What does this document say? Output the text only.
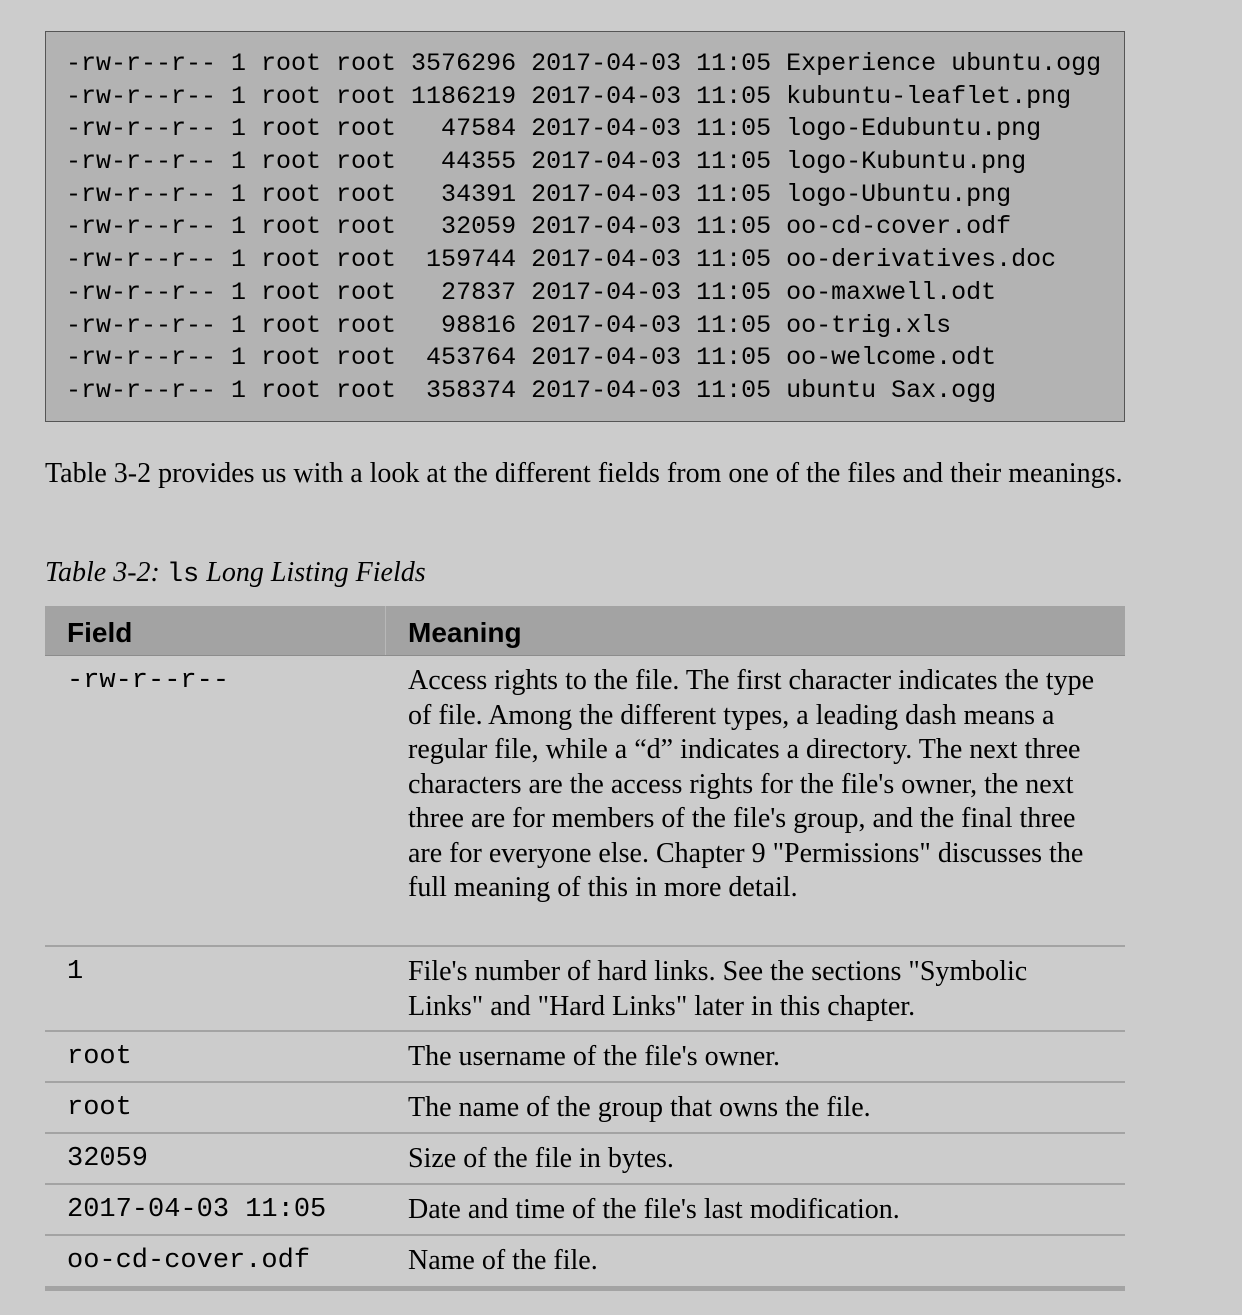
-rw-r--r-- 1 root root 3576296 2017-04-03 11:05 Experience ubuntu.ogg
-rw-r--r-- 1 root root 1186219 2017-04-03 11:05 kubuntu-leaflet.png
-rw-r--r-- 1 root root   47584 2017-04-03 11:05 logo-Edubuntu.png
-rw-r--r-- 1 root root   44355 2017-04-03 11:05 logo-Kubuntu.png
-rw-r--r-- 1 root root   34391 2017-04-03 11:05 logo-Ubuntu.png
-rw-r--r-- 1 root root   32059 2017-04-03 11:05 oo-cd-cover.odf
-rw-r--r-- 1 root root  159744 2017-04-03 11:05 oo-derivatives.doc
-rw-r--r-- 1 root root   27837 2017-04-03 11:05 oo-maxwell.odt
-rw-r--r-- 1 root root   98816 2017-04-03 11:05 oo-trig.xls
-rw-r--r-- 1 root root  453764 2017-04-03 11:05 oo-welcome.odt
-rw-r--r-- 1 root root  358374 2017-04-03 11:05 ubuntu Sax.ogg

Table 3-2 provides us with a look at the different fields from one of the files and their meanings.

Table 3-2: ls Long Listing Fields
Field	Meaning
-rw-r--r--	Access rights to the file. The first character indicates the type of file. Among the different types, a leading dash means a regular file, while a “d” indicates a directory. The next three characters are the access rights for the file's owner, the next three are for members of the file's group, and the final three are for everyone else. Chapter 9 "Permissions" discusses the full meaning of this in more detail.
1	File's number of hard links. See the sections "Symbolic Links" and "Hard Links" later in this chapter.
root	The username of the file's owner.
root	The name of the group that owns the file.
32059	Size of the file in bytes.
2017-04-03 11:05	Date and time of the file's last modification.
oo-cd-cover.odf	Name of the file.
